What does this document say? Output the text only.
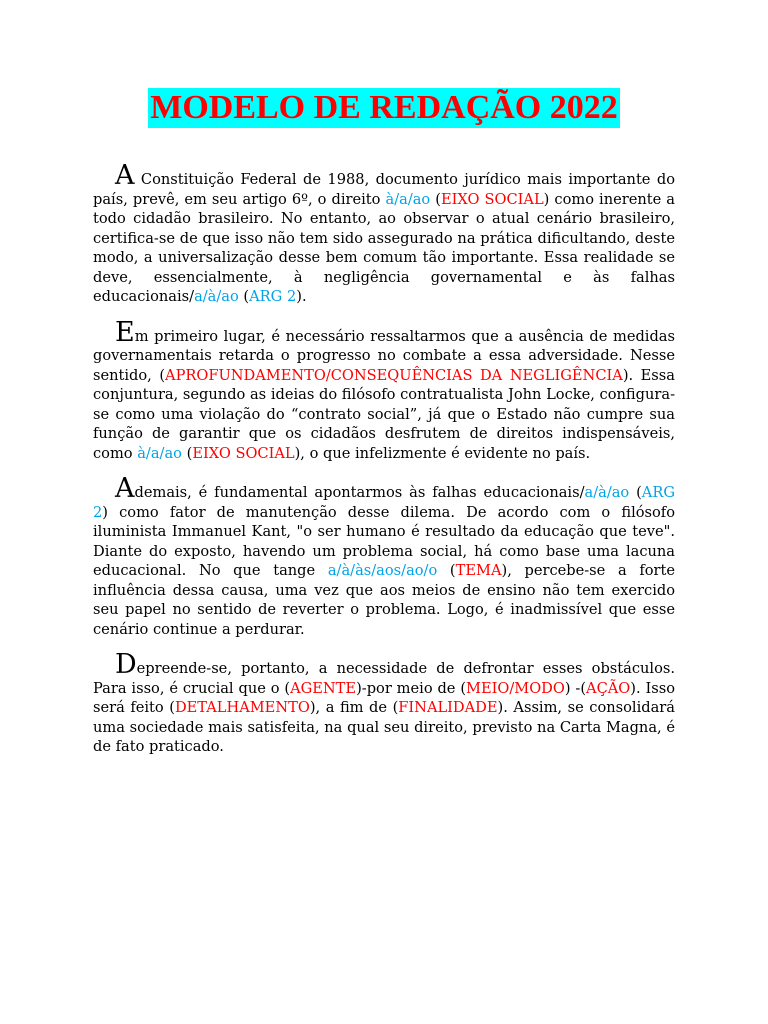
MODELO DE REDAÇÃO 2022

A Constituição Federal de 1988, documento jurídico mais importante do país, prevê, em seu artigo 6º, o direito à/a/ao (EIXO SOCIAL) como inerente a todo cidadão brasileiro. No entanto, ao observar o atual cenário brasileiro, certifica-se de que isso não tem sido assegurado na prática dificultando, deste modo, a universalização desse bem comum tão importante. Essa realidade se deve, essencialmente, à negligência governamental e às falhas educacionais/a/à/ao (ARG 2).

Em primeiro lugar, é necessário ressaltarmos que a ausência de medidas governamentais retarda o progresso no combate a essa adversidade. Nesse sentido, (APROFUNDAMENTO/CONSEQUÊNCIAS DA NEGLIGÊNCIA). Essa conjuntura, segundo as ideias do filósofo contratualista John Locke, configura-se como uma violação do “contrato social”, já que o Estado não cumpre sua função de garantir que os cidadãos desfrutem de direitos indispensáveis, como à/a/ao (EIXO SOCIAL), o que infelizmente é evidente no país.

Ademais, é fundamental apontarmos às falhas educacionais/a/à/ao (ARG 2) como fator de manutenção desse dilema. De acordo com o filósofo iluminista Immanuel Kant, "o ser humano é resultado da educação que teve". Diante do exposto, havendo um problema social, há como base uma lacuna educacional. No que tange a/à/às/aos/ao/o (TEMA), percebe-se a forte influência dessa causa, uma vez que aos meios de ensino não tem exercido seu papel no sentido de reverter o problema. Logo, é inadmissível que esse cenário continue a perdurar.

Depreende-se, portanto, a necessidade de defrontar esses obstáculos. Para isso, é crucial que o (AGENTE)-por meio de (MEIO/MODO) -(AÇÃO). Isso será feito (DETALHAMENTO), a fim de (FINALIDADE). Assim, se consolidará uma sociedade mais satisfeita, na qual seu direito, previsto na Carta Magna, é de fato praticado.
